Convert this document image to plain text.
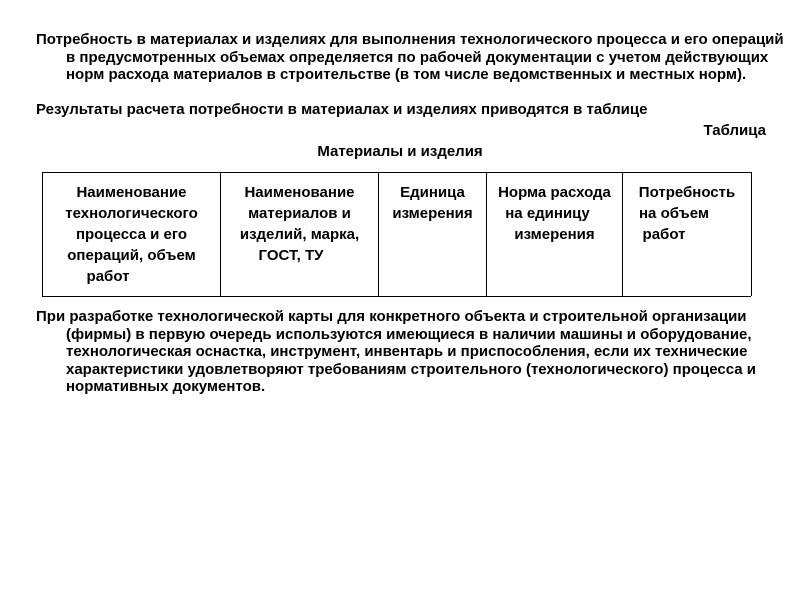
Потребность в материалах и изделиях для выполнения технологического процесса и его операций в предусмотренных объемах определяется по рабочей документации с учетом действующих норм расхода материалов в строительстве (в том числе ведомственных и местных норм).
Результаты расчета потребности в материалах и изделиях приводятся в таблице
Таблица
Материалы и изделия
Наименование
технологического
процесса и его
операций, объем
работ
Наименование
материалов и
изделий, марка,
ГОСТ, ТУ
Единица
измерения
Норма расхода
на единицу
измерения
Потребность
на объем
работ
При разработке технологической карты для конкретного объекта и строительной организации (фирмы) в первую очередь используются имеющиеся в наличии машины и оборудование, технологическая оснастка, инструмент, инвентарь и приспособления, если их технические характеристики удовлетворяют требованиям строительного (технологического) процесса и нормативных документов.
